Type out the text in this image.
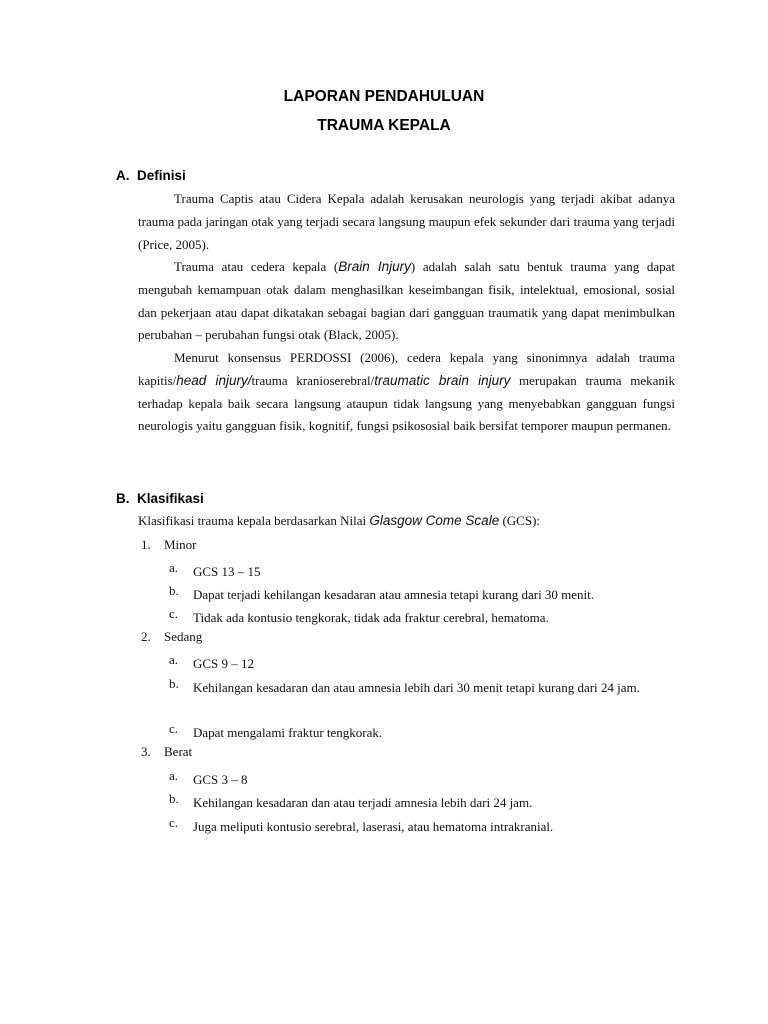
LAPORAN PENDAHULUAN
TRAUMA KEPALA
A. Definisi

Trauma Captis atau Cidera Kepala adalah kerusakan neurologis yang terjadi akibat adanya trauma pada jaringan otak yang terjadi secara langsung maupun efek sekunder dari trauma yang terjadi (Price, 2005).

Trauma atau cedera kepala (Brain Injury) adalah salah satu bentuk trauma yang dapat mengubah kemampuan otak dalam menghasilkan keseimbangan fisik, intelektual, emosional, sosial dan pekerjaan atau dapat dikatakan sebagai bagian dari gangguan traumatik yang dapat menimbulkan perubahan – perubahan fungsi otak (Black, 2005).

Menurut konsensus PERDOSSI (2006), cedera kepala yang sinonimnya adalah trauma kapitis/head injury/trauma kranioserebral/traumatic brain injury merupakan trauma mekanik terhadap kepala baik secara langsung ataupun tidak langsung yang menyebabkan gangguan fungsi neurologis yaitu gangguan fisik, kognitif, fungsi psikososial baik bersifat temporer maupun permanen.

B. Klasifikasi
Klasifikasi trauma kepala berdasarkan Nilai Glasgow Come Scale (GCS):
1.	Minor
a. GCS 13 – 15
b. Dapat terjadi kehilangan kesadaran atau amnesia tetapi kurang dari 30 menit.
c. Tidak ada kontusio tengkorak, tidak ada fraktur cerebral, hematoma.
2.	Sedang
a. GCS 9 – 12
b. Kehilangan kesadaran dan atau amnesia lebih dari 30 menit tetapi kurang dari 24 jam.
c. Dapat mengalami fraktur tengkorak.
3.	Berat
a. GCS 3 – 8
b. Kehilangan kesadaran dan atau terjadi amnesia lebih dari 24 jam.
c. Juga meliputi kontusio serebral, laserasi, atau hematoma intrakranial.
